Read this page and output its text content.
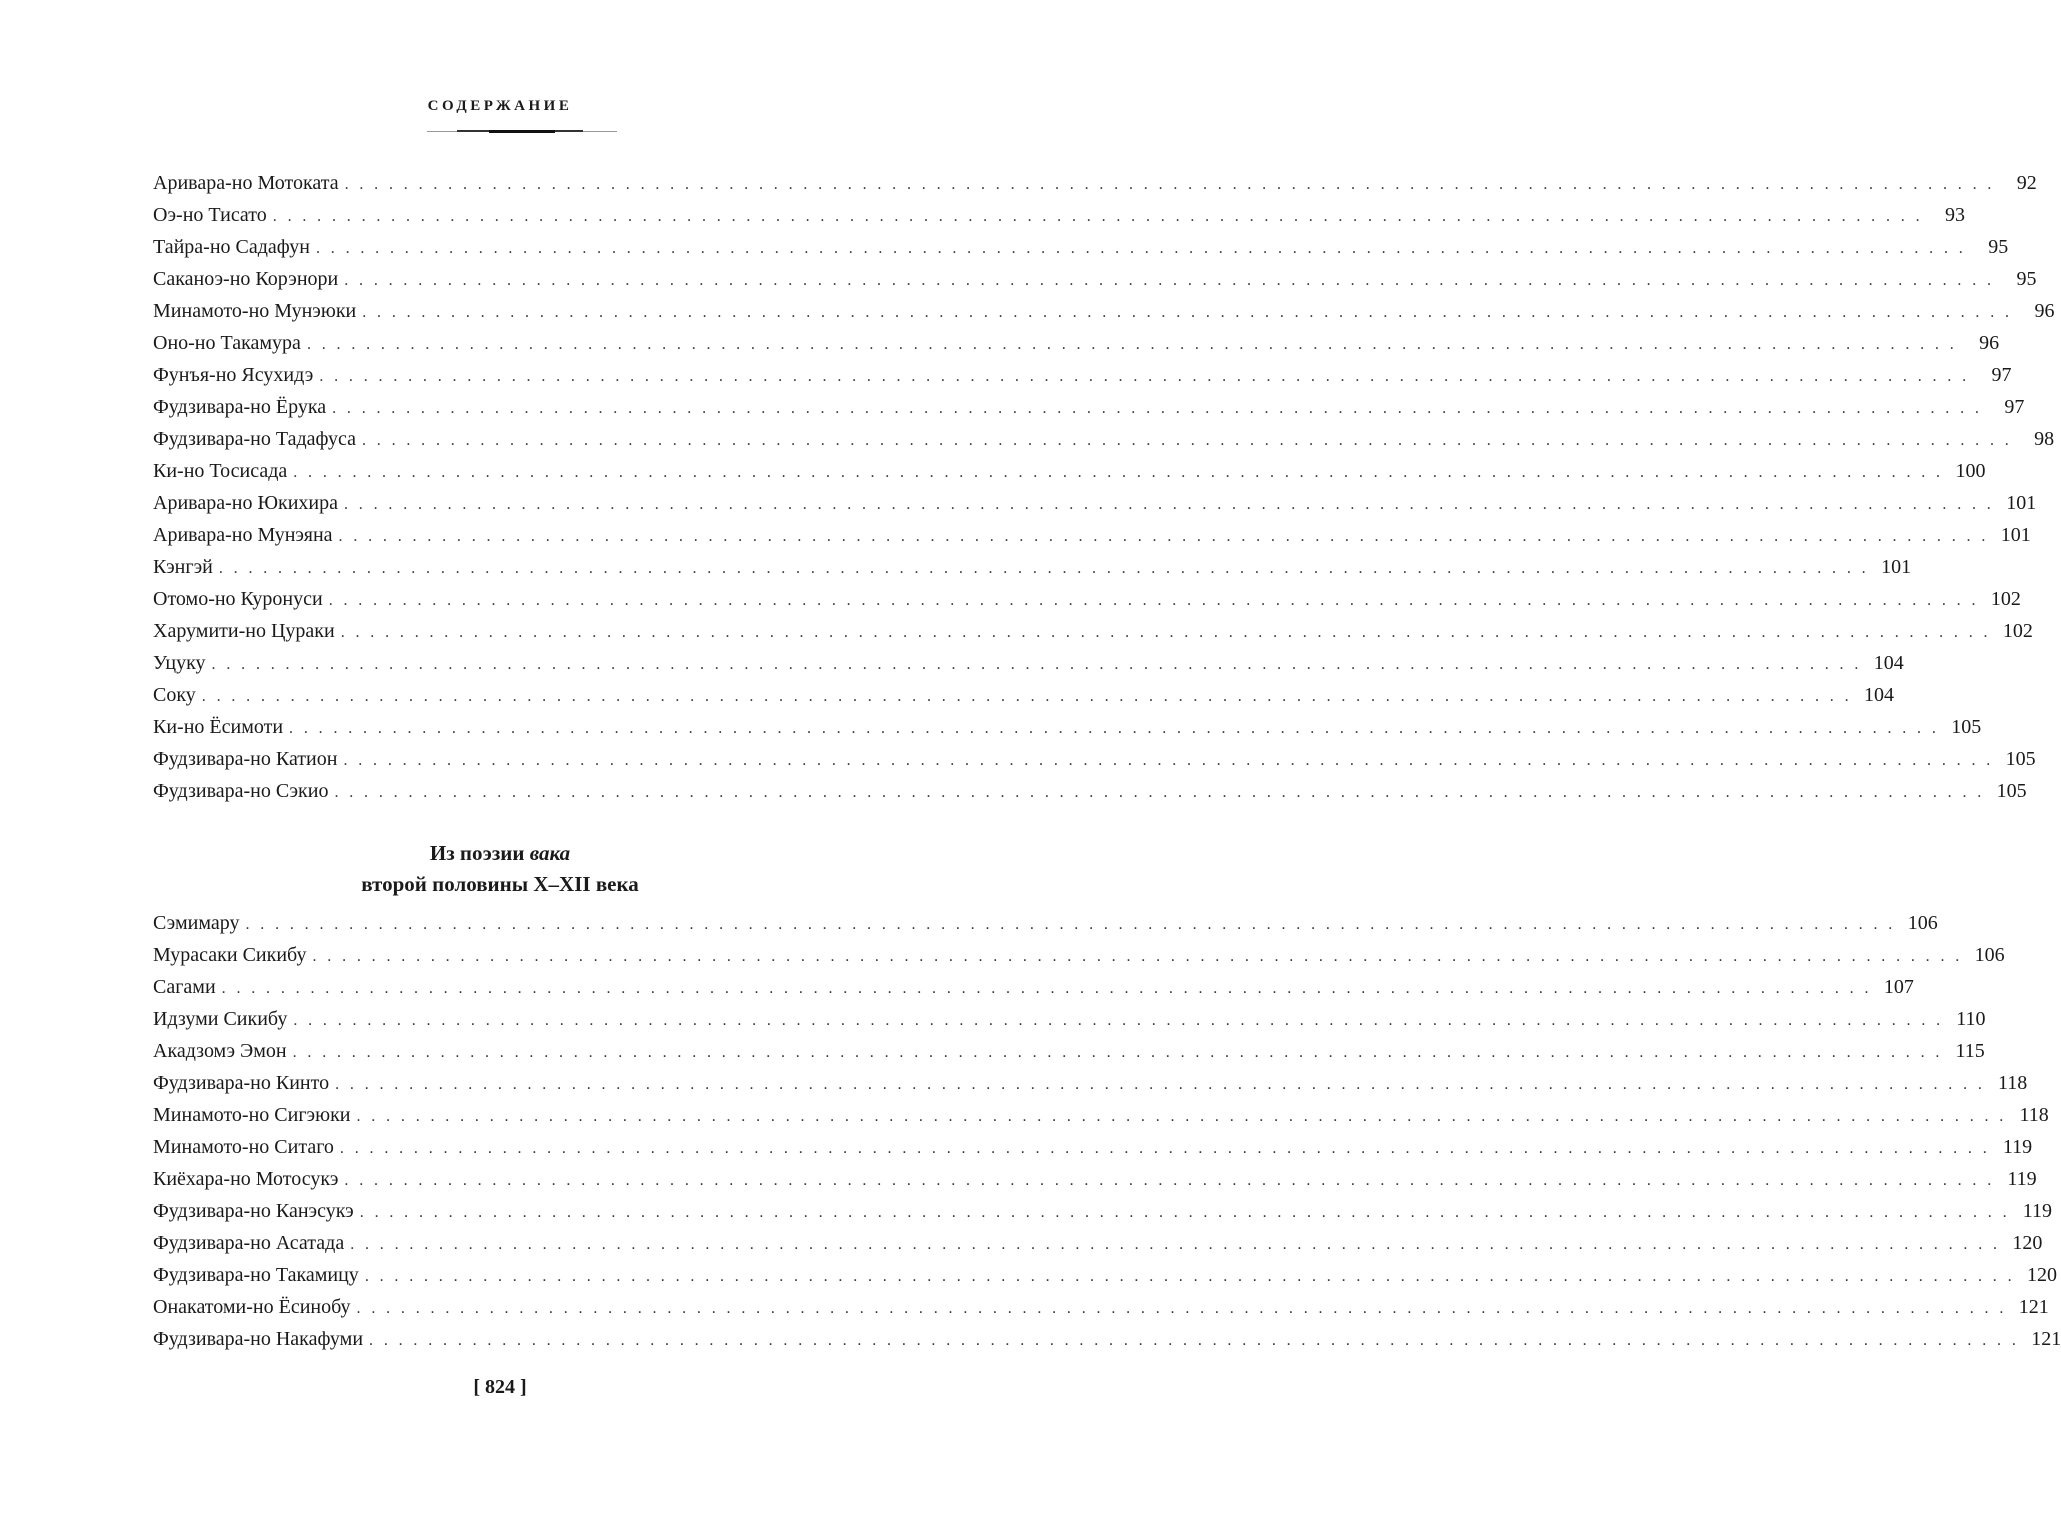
СОДЕРЖАНИЕ
Аривара-но Мотоката . . . . . . . . . . . . . . . . . . . . . . . . . . . . . . . . . . . . . . . . . . . . . . . . . . . . . . . . . . . . . . . . . . . . . . . . . . . . . . . . . . . . . . . . . . . . . . . . . . . . . . . . . . . . . . . .	92
Оэ-но Тисато . . . . . . . . . . . . . . . . . . . . . . . . . . . . . . . . . . . . . . . . . . . . . . . . . . . . . . . . . . . . . . . . . . . . . . . . . . . . . . . . . . . . . . . . . . . . . . . . . . . . . . . . . . . . . . . .	93
Тайра-но Садафун . . . . . . . . . . . . . . . . . . . . . . . . . . . . . . . . . . . . . . . . . . . . . . . . . . . . . . . . . . . . . . . . . . . . . . . . . . . . . . . . . . . . . . . . . . . . . . . . . . . . . . . . . . . . . . . .	95
Саканоэ-но Корэнори . . . . . . . . . . . . . . . . . . . . . . . . . . . . . . . . . . . . . . . . . . . . . . . . . . . . . . . . . . . . . . . . . . . . . . . . . . . . . . . . . . . . . . . . . . . . . . . . . . . . . . . . . . . . . . . .	95
Минамото-но Мунэюки . . . . . . . . . . . . . . . . . . . . . . . . . . . . . . . . . . . . . . . . . . . . . . . . . . . . . . . . . . . . . . . . . . . . . . . . . . . . . . . . . . . . . . . . . . . . . . . . . . . . . . . . . . . . . . . .	96
Оно-но Такамура . . . . . . . . . . . . . . . . . . . . . . . . . . . . . . . . . . . . . . . . . . . . . . . . . . . . . . . . . . . . . . . . . . . . . . . . . . . . . . . . . . . . . . . . . . . . . . . . . . . . . . . . . . . . . . . .	96
Фунъя-но Ясухидэ . . . . . . . . . . . . . . . . . . . . . . . . . . . . . . . . . . . . . . . . . . . . . . . . . . . . . . . . . . . . . . . . . . . . . . . . . . . . . . . . . . . . . . . . . . . . . . . . . . . . . . . . . . . . . . . .	97
Фудзивара-но Ёрука . . . . . . . . . . . . . . . . . . . . . . . . . . . . . . . . . . . . . . . . . . . . . . . . . . . . . . . . . . . . . . . . . . . . . . . . . . . . . . . . . . . . . . . . . . . . . . . . . . . . . . . . . . . . . . . .	97
Фудзивара-но Тадафуса . . . . . . . . . . . . . . . . . . . . . . . . . . . . . . . . . . . . . . . . . . . . . . . . . . . . . . . . . . . . . . . . . . . . . . . . . . . . . . . . . . . . . . . . . . . . . . . . . . . . . . . . . . . . . . . .	98
Ки-но Тосисада . . . . . . . . . . . . . . . . . . . . . . . . . . . . . . . . . . . . . . . . . . . . . . . . . . . . . . . . . . . . . . . . . . . . . . . . . . . . . . . . . . . . . . . . . . . . . . . . . . . . . . . . . . . . . . . . 100
Аривара-но Юкихира . . . . . . . . . . . . . . . . . . . . . . . . . . . . . . . . . . . . . . . . . . . . . . . . . . . . . . . . . . . . . . . . . . . . . . . . . . . . . . . . . . . . . . . . . . . . . . . . . . . . . . . . . . . . . . . . 101
Аривара-но Мунэяна . . . . . . . . . . . . . . . . . . . . . . . . . . . . . . . . . . . . . . . . . . . . . . . . . . . . . . . . . . . . . . . . . . . . . . . . . . . . . . . . . . . . . . . . . . . . . . . . . . . . . . . . . . . . . . . . 101
Кэнгэй . . . . . . . . . . . . . . . . . . . . . . . . . . . . . . . . . . . . . . . . . . . . . . . . . . . . . . . . . . . . . . . . . . . . . . . . . . . . . . . . . . . . . . . . . . . . . . . . . . . . . . . . . . . . . . . . 101
Отомо-но Куронуси . . . . . . . . . . . . . . . . . . . . . . . . . . . . . . . . . . . . . . . . . . . . . . . . . . . . . . . . . . . . . . . . . . . . . . . . . . . . . . . . . . . . . . . . . . . . . . . . . . . . . . . . . . . . . . . . 102
Харумити-но Цураки . . . . . . . . . . . . . . . . . . . . . . . . . . . . . . . . . . . . . . . . . . . . . . . . . . . . . . . . . . . . . . . . . . . . . . . . . . . . . . . . . . . . . . . . . . . . . . . . . . . . . . . . . . . . . . . . 102
Уцуку . . . . . . . . . . . . . . . . . . . . . . . . . . . . . . . . . . . . . . . . . . . . . . . . . . . . . . . . . . . . . . . . . . . . . . . . . . . . . . . . . . . . . . . . . . . . . . . . . . . . . . . . . . . . . . . . 104
Соку . . . . . . . . . . . . . . . . . . . . . . . . . . . . . . . . . . . . . . . . . . . . . . . . . . . . . . . . . . . . . . . . . . . . . . . . . . . . . . . . . . . . . . . . . . . . . . . . . . . . . . . . . . . . . . . . 104
Ки-но Ёсимоти . . . . . . . . . . . . . . . . . . . . . . . . . . . . . . . . . . . . . . . . . . . . . . . . . . . . . . . . . . . . . . . . . . . . . . . . . . . . . . . . . . . . . . . . . . . . . . . . . . . . . . . . . . . . . . . . 105
Фудзивара-но Катион . . . . . . . . . . . . . . . . . . . . . . . . . . . . . . . . . . . . . . . . . . . . . . . . . . . . . . . . . . . . . . . . . . . . . . . . . . . . . . . . . . . . . . . . . . . . . . . . . . . . . . . . . . . . . . . . 105
Фудзивара-но Сэкио . . . . . . . . . . . . . . . . . . . . . . . . . . . . . . . . . . . . . . . . . . . . . . . . . . . . . . . . . . . . . . . . . . . . . . . . . . . . . . . . . . . . . . . . . . . . . . . . . . . . . . . . . . . . . . . . 105
Из поэзии вака
второй половины X–XII века
Сэмимару . . . . . . . . . . . . . . . . . . . . . . . . . . . . . . . . . . . . . . . . . . . . . . . . . . . . . . . . . . . . . . . . . . . . . . . . . . . . . . . . . . . . . . . . . . . . . . . . . . . . . . . . . . . . . . . . 106
Мурасаки Сикибу . . . . . . . . . . . . . . . . . . . . . . . . . . . . . . . . . . . . . . . . . . . . . . . . . . . . . . . . . . . . . . . . . . . . . . . . . . . . . . . . . . . . . . . . . . . . . . . . . . . . . . . . . . . . . . . . 106
Сагами . . . . . . . . . . . . . . . . . . . . . . . . . . . . . . . . . . . . . . . . . . . . . . . . . . . . . . . . . . . . . . . . . . . . . . . . . . . . . . . . . . . . . . . . . . . . . . . . . . . . . . . . . . . . . . . . 107
Идзуми Сикибу . . . . . . . . . . . . . . . . . . . . . . . . . . . . . . . . . . . . . . . . . . . . . . . . . . . . . . . . . . . . . . . . . . . . . . . . . . . . . . . . . . . . . . . . . . . . . . . . . . . . . . . . . . . . . . . . 110
Акадзомэ Эмон . . . . . . . . . . . . . . . . . . . . . . . . . . . . . . . . . . . . . . . . . . . . . . . . . . . . . . . . . . . . . . . . . . . . . . . . . . . . . . . . . . . . . . . . . . . . . . . . . . . . . . . . . . . . . . . . 115
Фудзивара-но Кинто . . . . . . . . . . . . . . . . . . . . . . . . . . . . . . . . . . . . . . . . . . . . . . . . . . . . . . . . . . . . . . . . . . . . . . . . . . . . . . . . . . . . . . . . . . . . . . . . . . . . . . . . . . . . . . . . 118
Минамото-но Сигэюки . . . . . . . . . . . . . . . . . . . . . . . . . . . . . . . . . . . . . . . . . . . . . . . . . . . . . . . . . . . . . . . . . . . . . . . . . . . . . . . . . . . . . . . . . . . . . . . . . . . . . . . . . . . . . . . . 118
Минамото-но Ситаго . . . . . . . . . . . . . . . . . . . . . . . . . . . . . . . . . . . . . . . . . . . . . . . . . . . . . . . . . . . . . . . . . . . . . . . . . . . . . . . . . . . . . . . . . . . . . . . . . . . . . . . . . . . . . . . . 119
Киёхара-но Мотосукэ . . . . . . . . . . . . . . . . . . . . . . . . . . . . . . . . . . . . . . . . . . . . . . . . . . . . . . . . . . . . . . . . . . . . . . . . . . . . . . . . . . . . . . . . . . . . . . . . . . . . . . . . . . . . . . . . 119
Фудзивара-но Канэсукэ . . . . . . . . . . . . . . . . . . . . . . . . . . . . . . . . . . . . . . . . . . . . . . . . . . . . . . . . . . . . . . . . . . . . . . . . . . . . . . . . . . . . . . . . . . . . . . . . . . . . . . . . . . . . . . . . 119
Фудзивара-но Асатада . . . . . . . . . . . . . . . . . . . . . . . . . . . . . . . . . . . . . . . . . . . . . . . . . . . . . . . . . . . . . . . . . . . . . . . . . . . . . . . . . . . . . . . . . . . . . . . . . . . . . . . . . . . . . . . . 120
Фудзивара-но Такамицу . . . . . . . . . . . . . . . . . . . . . . . . . . . . . . . . . . . . . . . . . . . . . . . . . . . . . . . . . . . . . . . . . . . . . . . . . . . . . . . . . . . . . . . . . . . . . . . . . . . . . . . . . . . . . . . . 120
Онакатоми-но Ёсинобу . . . . . . . . . . . . . . . . . . . . . . . . . . . . . . . . . . . . . . . . . . . . . . . . . . . . . . . . . . . . . . . . . . . . . . . . . . . . . . . . . . . . . . . . . . . . . . . . . . . . . . . . . . . . . . . . 121
Фудзивара-но Накафуми . . . . . . . . . . . . . . . . . . . . . . . . . . . . . . . . . . . . . . . . . . . . . . . . . . . . . . . . . . . . . . . . . . . . . . . . . . . . . . . . . . . . . . . . . . . . . . . . . . . . . . . . . . . . . . . . 121
[ 824 ]
